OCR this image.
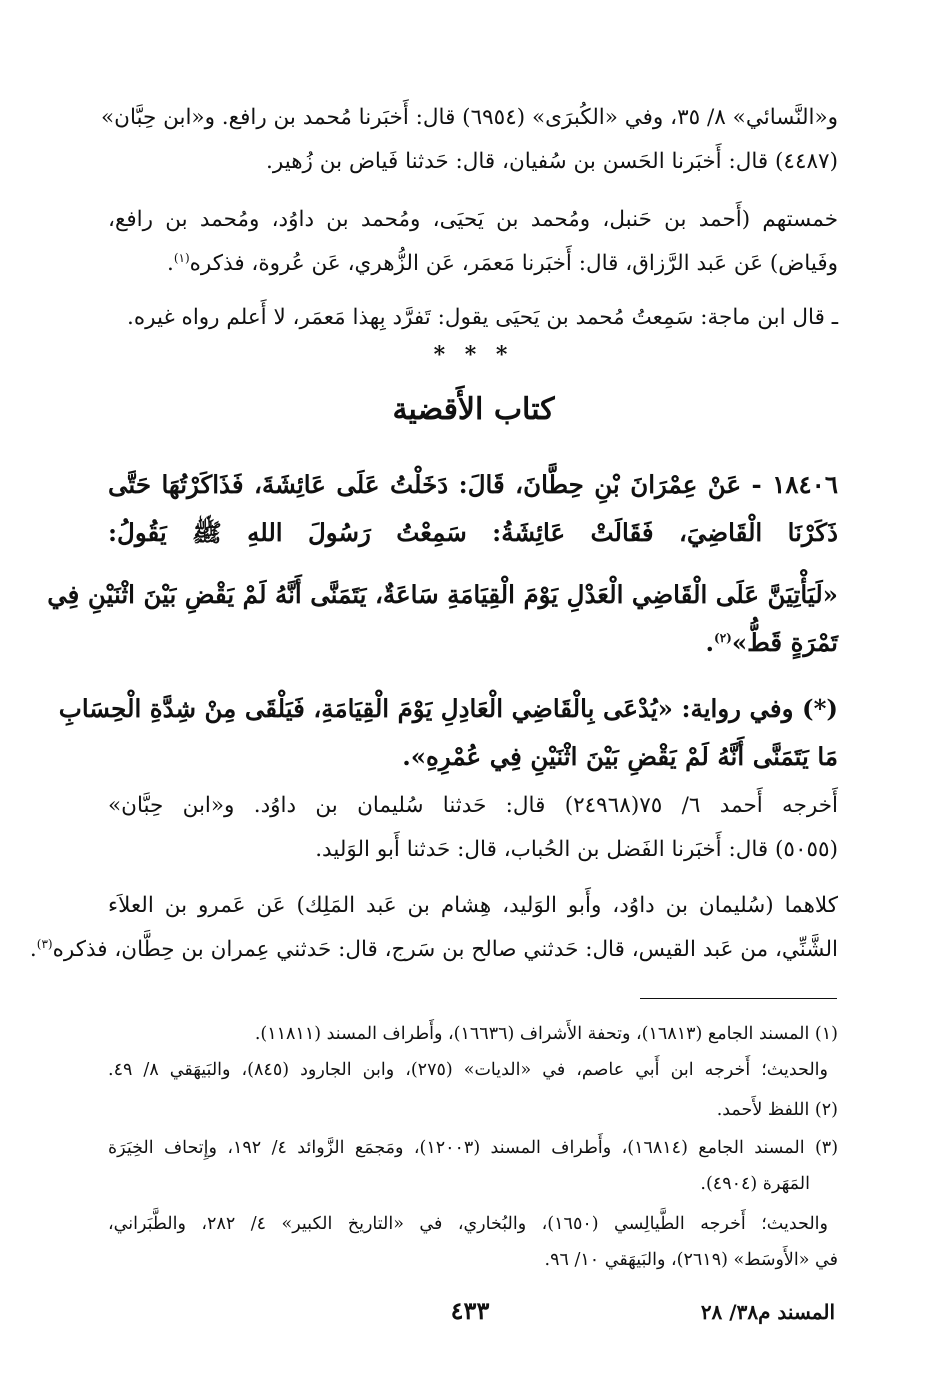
و«النَّسائي» ٨/ ٣٥، وفي «الكُبرَى» (٦٩٥٤) قال: أَخبَرنا مُحمد بن رافع. و«ابن حِبَّان»
(٤٤٨٧) قال: أَخبَرنا الحَسن بن سُفيان، قال: حَدثنا فَياض بن زُهير.
خمستهم (أَحمد بن حَنبل، ومُحمد بن يَحيَى، ومُحمد بن داوُد، ومُحمد بن رافع،
وفَياض) عَن عَبد الرَّزاق، قال: أَخبَرنا مَعمَر، عَن الزُّهري، عَن عُروة، فذكره$^{(١)}$.
ـ قال ابن ماجة: سَمِعتُ مُحمد بن يَحيَى يقول: تَفرَّد بِهذا مَعمَر، لا أَعلم رواه غيره.
* * *
كتاب الأَقضية
١٨٤٠٦ - عَنْ عِمْرَانَ بْنِ حِطَّانَ، قَالَ: دَخَلْتُ عَلَى عَائِشَةَ، فَذَاكَرْتُهَا حَتَّى
ذَكَرْنَا الْقَاضِيَ، فَقَالَتْ عَائِشَةُ: سَمِعْتُ رَسُولَ اللهِ ﷺ يَقُولُ:
«لَيَأْتِيَنَّ عَلَى الْقَاضِي الْعَدْلِ يَوْمَ الْقِيَامَةِ سَاعَةٌ، يَتَمَنَّى أَنَّهُ لَمْ يَقْضِ بَيْنَ اثْنَيْنِ فِي
تَمْرَةٍ قَطُّ»$^{(٢)}$.
(*) وفي رواية: «يُدْعَى بِالْقَاضِي الْعَادِلِ يَوْمَ الْقِيَامَةِ، فَيَلْقَى مِنْ شِدَّةِ الْحِسَابِ
مَا يَتَمَنَّى أَنَّهُ لَمْ يَقْضِ بَيْنَ اثْنَيْنِ فِي عُمْرِهِ».
أَخرجه أَحمد ٦/ ٧٥(٢٤٩٦٨) قال: حَدثنا سُليمان بن داوُد. و«ابن حِبَّان»
(٥٠٥٥) قال: أَخبَرنا الفَضل بن الحُباب، قال: حَدثنا أَبو الوَليد.
كلاهما (سُليمان بن داوُد، وأَبو الوَليد، هِشام بن عَبد المَلِك) عَن عَمرو بن العلاَء
الشَّنِّي، من عَبد القيس، قال: حَدثني صالح بن سَرج، قال: حَدثني عِمران بن حِطَّان، فذكره$^{(٣)}$.
(١) المسند الجامع (١٦٨١٣)، وتحفة الأَشراف (١٦٦٣٦)، وأَطراف المسند (١١٨١١).
والحديث؛ أَخرجه ابن أَبي عاصم، في «الديات» (٢٧٥)، وابن الجارود (٨٤٥)، والبَيهَقي ٨/ ٤٩.
(٢) اللفظ لأَحمد.
(٣) المسند الجامع (١٦٨١٤)، وأَطراف المسند (١٢٠٠٣)، ومَجمَع الزَّوائد ٤/ ١٩٢، وإِتحاف الخِيَرَة
المَهَرة (٤٩٠٤).
والحديث؛ أَخرجه الطَّيالِسي (١٦٥٠)، والبُخاري، في «التاريخ الكبير» ٤/ ٢٨٢، والطَّبَراني،
في «الأَوسَط» (٢٦١٩)، والبَيهَقي ١٠/ ٩٦.
المسند م٣٨/ ٢٨
٤٣٣
